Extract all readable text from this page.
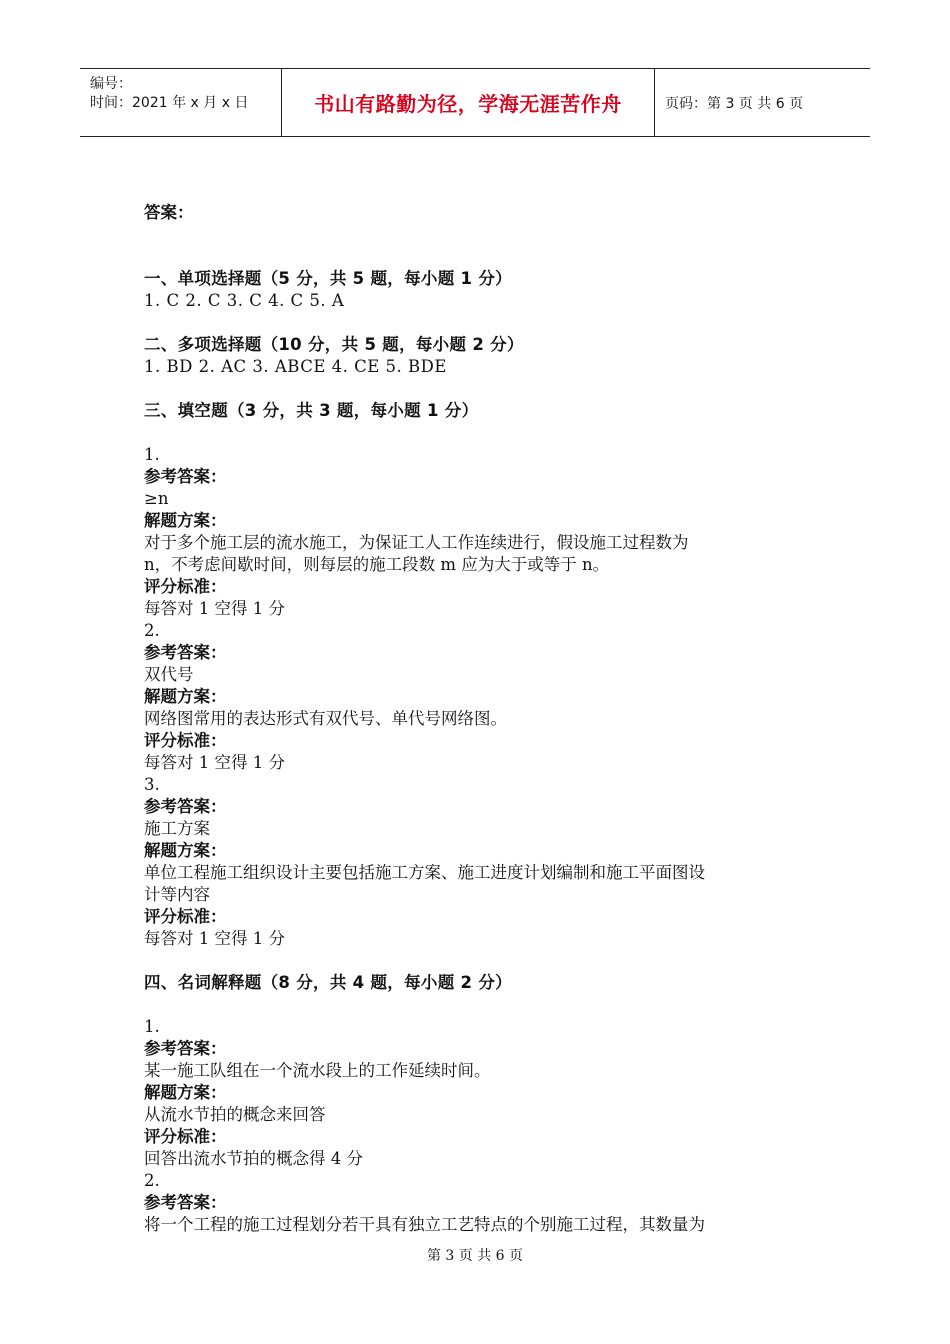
编号：
时间：2021 年 x 月 x 日	书山有路勤为径，学海无涯苦作舟	页码：第 3 页 共 6 页
答案：
一、单项选择题（5 分，共 5 题，每小题 1 分）
1. C 2. C 3. C 4. C 5. A
二、多项选择题（10 分，共 5 题，每小题 2 分）
1. BD 2. AC 3. ABCE 4. CE 5. BDE
三、填空题（3 分，共 3 题，每小题 1 分）
1.
参考答案：
≥n
解题方案：
对于多个施工层的流水施工，为保证工人工作连续进行，假设施工过程数为
n，不考虑间歇时间，则每层的施工段数 m 应为大于或等于 n。
评分标准：
每答对 1 空得 1 分
2.
参考答案：
双代号
解题方案：
网络图常用的表达形式有双代号、单代号网络图。
评分标准：
每答对 1 空得 1 分
3.
参考答案：
施工方案
解题方案：
单位工程施工组织设计主要包括施工方案、施工进度计划编制和施工平面图设
计等内容
评分标准：
每答对 1 空得 1 分
四、名词解释题（8 分，共 4 题，每小题 2 分）
1.
参考答案：
某一施工队组在一个流水段上的工作延续时间。
解题方案：
从流水节拍的概念来回答
评分标准：
回答出流水节拍的概念得 4 分
2.
参考答案：
将一个工程的施工过程划分若干具有独立工艺特点的个别施工过程，其数量为
第 3 页 共 6 页
